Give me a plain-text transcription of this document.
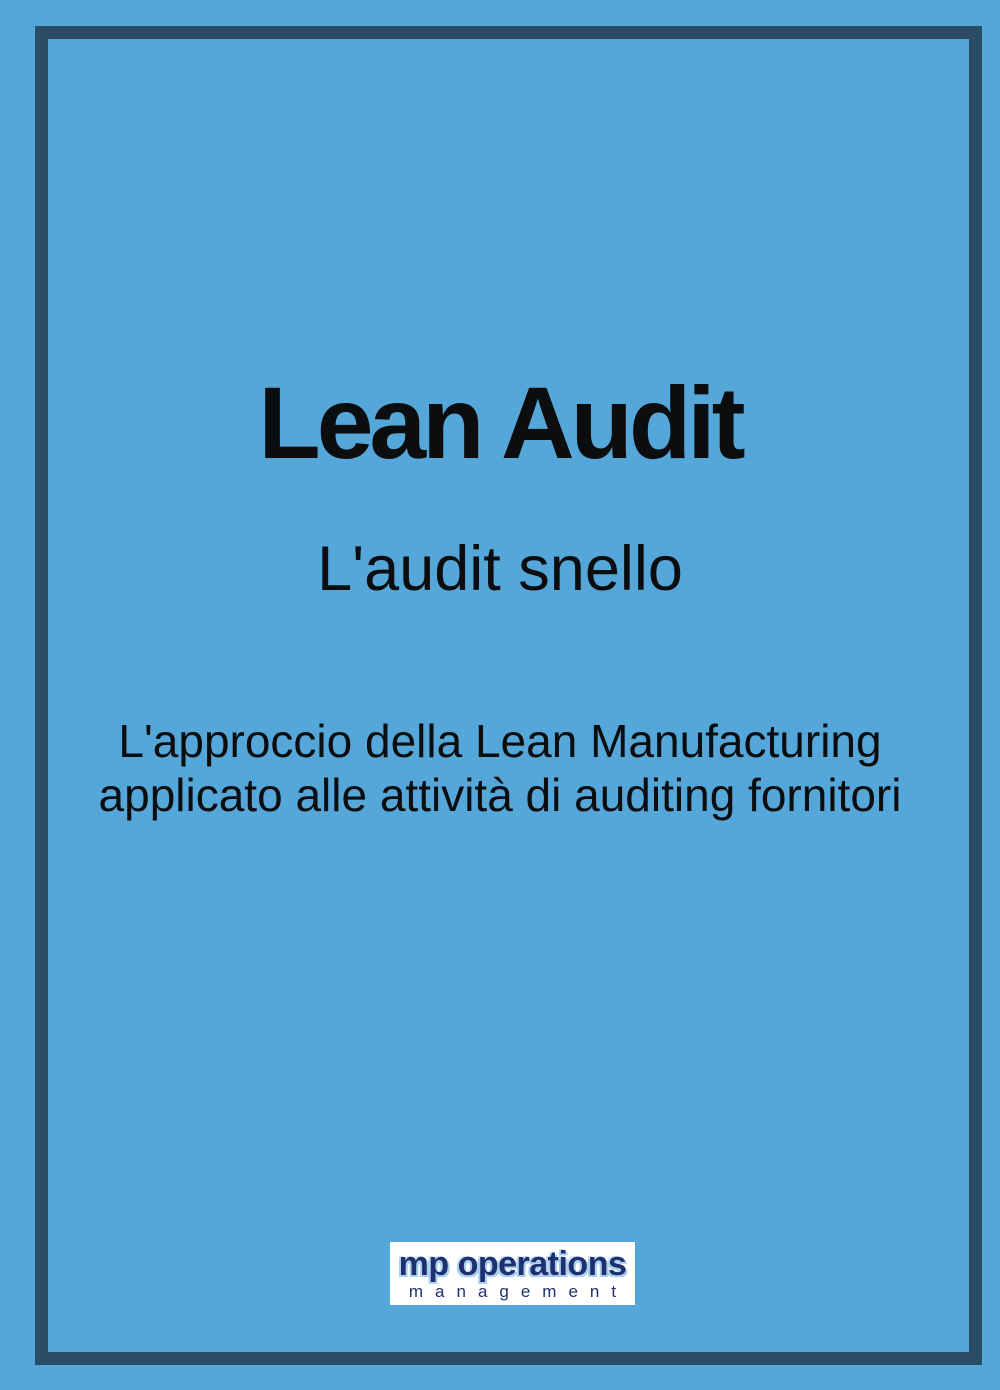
Lean Audit
L'audit snello

L'approccio della Lean Manufacturing
applicato alle attività di auditing fornitori

mp operations
management
